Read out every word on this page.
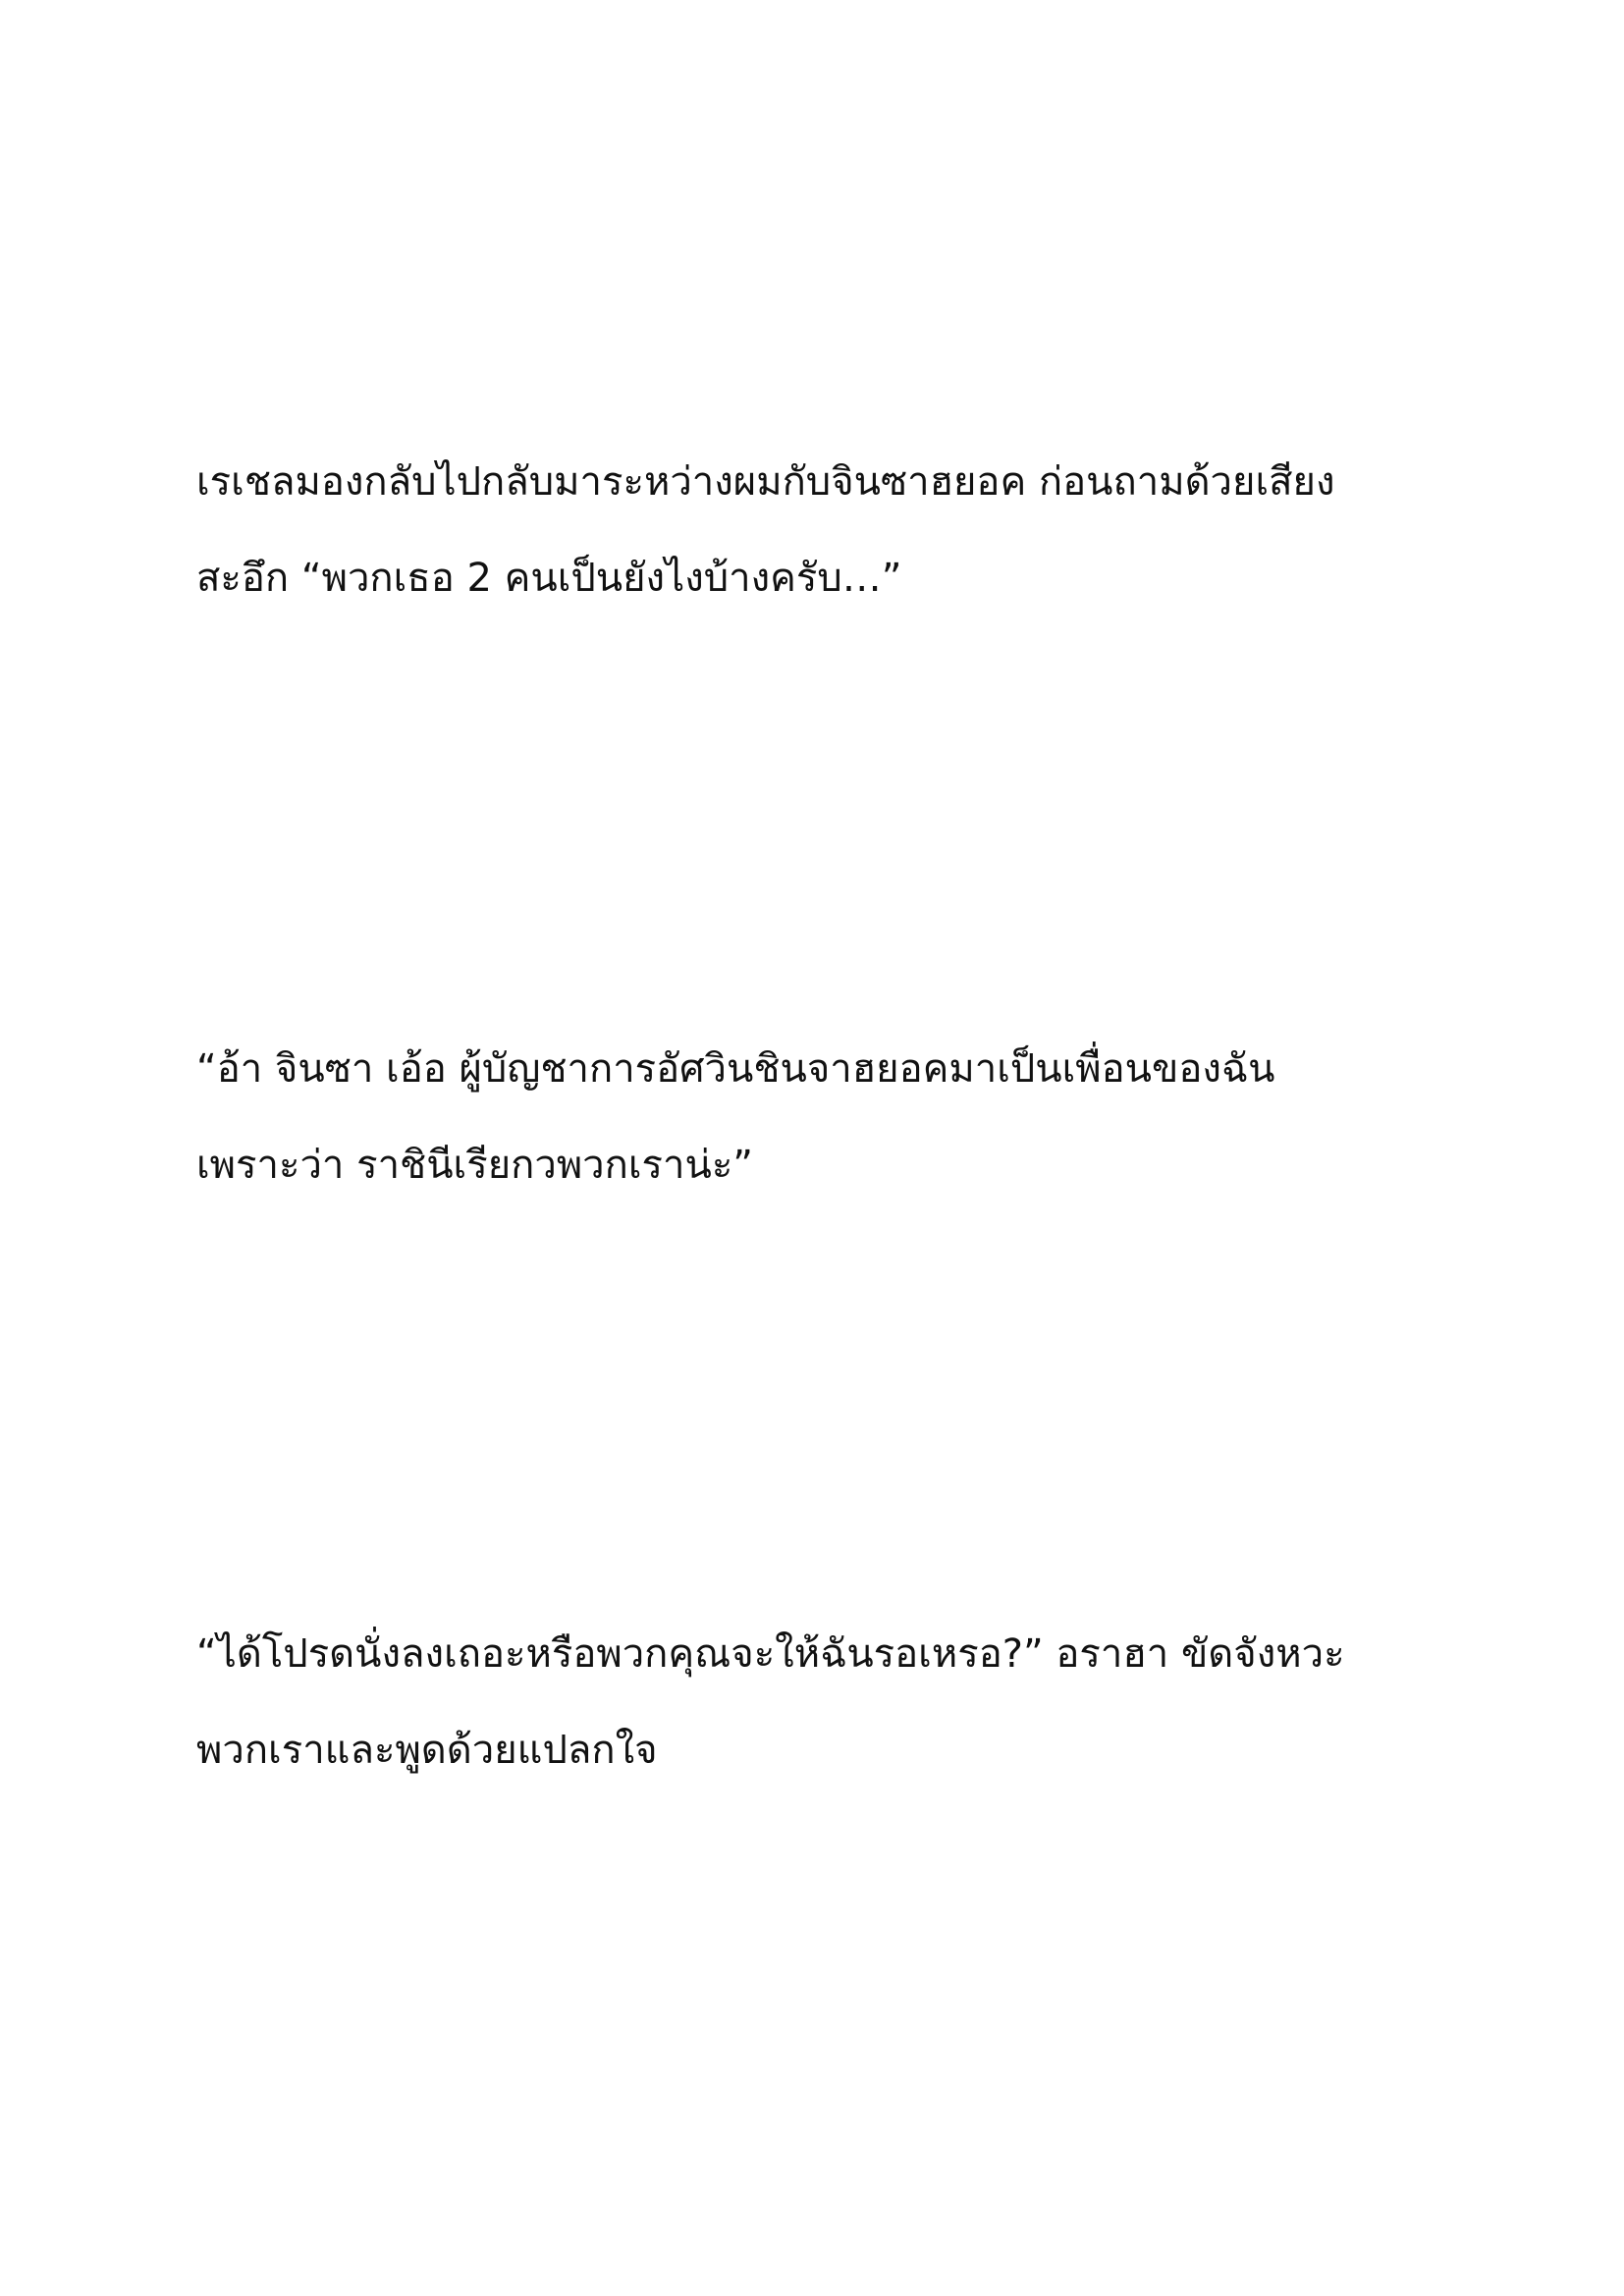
เรเชลมองกลับไปกลับมาระหว่างผมกับจินซาฮยอค ก่อนถามด้วยเสียง
สะอึก “พวกเธอ 2 คนเป็นยังไงบ้างครับ…”

“อ้า จินซา เอ้อ ผู้บัญชาการอัศวินชินจาฮยอคมาเป็นเพื่อนของฉัน
เพราะว่า ราชินีเรียกวพวกเราน่ะ”

“ได้โปรดนั่งลงเถอะหรือพวกคุณจะให้ฉันรอเหรอ?” อราฮา ขัดจังหวะ
พวกเราและพูดด้วยแปลกใจ
